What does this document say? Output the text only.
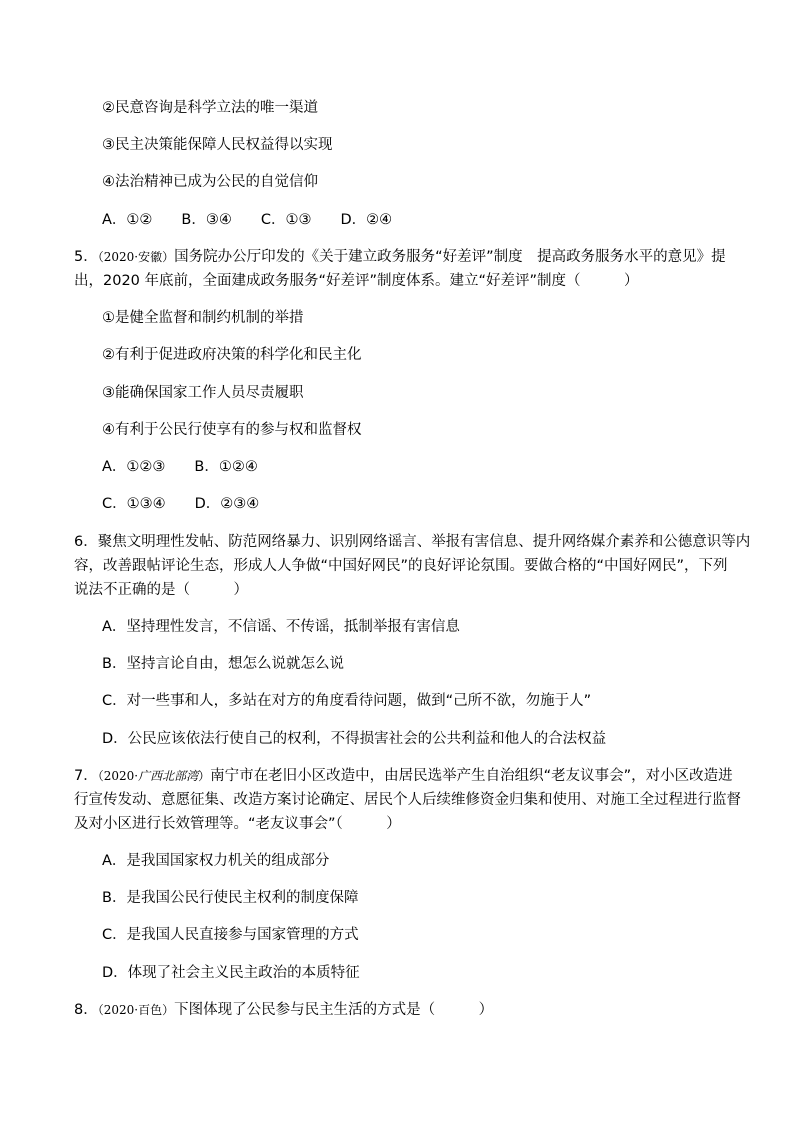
②民意咨询是科学立法的唯一渠道
③民主决策能保障人民权益得以实现
④法治精神已成为公民的自觉信仰
A．①②　　B．③④　　C．①③　　D．②④
5．（2020·安徽）国务院办公厅印发的《关于建立政务服务“好差评”制度　提高政务服务水平的意见》提
出，2020 年底前，全面建成政务服务“好差评”制度体系。建立“好差评”制度（　　　）
①是健全监督和制约机制的举措
②有利于促进政府决策的科学化和民主化
③能确保国家工作人员尽责履职
④有利于公民行使享有的参与权和监督权
A．①②③　　B．①②④
C．①③④　　D．②③④
6．聚焦文明理性发帖、防范网络暴力、识别网络谣言、举报有害信息、提升网络媒介素养和公德意识等内
容，改善跟帖评论生态，形成人人争做“中国好网民”的良好评论氛围。要做合格的“中国好网民”，下列
说法不正确的是（　　　）
A．坚持理性发言，不信谣、不传谣，抵制举报有害信息
B．坚持言论自由，想怎么说就怎么说
C．对一些事和人，多站在对方的角度看待问题，做到“己所不欲，勿施于人”
D．公民应该依法行使自己的权利，不得损害社会的公共利益和他人的合法权益
7．（2020·广西北部湾）南宁市在老旧小区改造中，由居民选举产生自治组织“老友议事会”，对小区改造进
行宣传发动、意愿征集、改造方案讨论确定、居民个人后续维修资金归集和使用、对施工全过程进行监督
及对小区进行长效管理等。“老友议事会”（　　　）
A．是我国国家权力机关的组成部分
B．是我国公民行使民主权利的制度保障
C．是我国人民直接参与国家管理的方式
D．体现了社会主义民主政治的本质特征
8．（2020·百色）下图体现了公民参与民主生活的方式是（　　　）
